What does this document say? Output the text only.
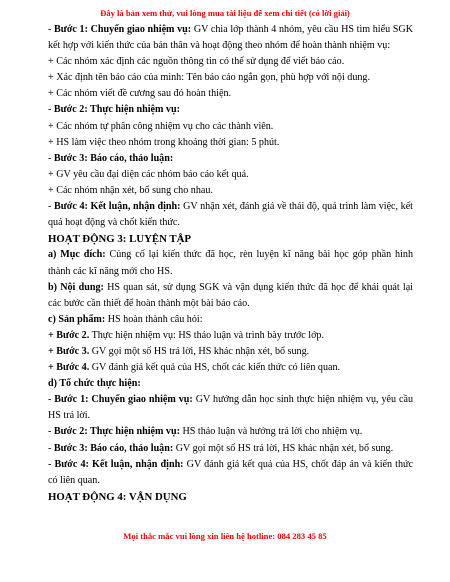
Đây là bản xem thử, vui lòng mua tài liệu để xem chi tiết (có lời giải)

- Bước 1: Chuyển giao nhiệm vụ: GV chia lớp thành 4 nhóm, yêu cầu HS tìm hiểu SGK kết hợp với kiến thức của bản thân và hoạt động theo nhóm để hoàn thành nhiệm vụ:

+ Các nhóm xác định các nguồn thông tin có thể sử dụng để viết báo cáo.

+ Xác định tên báo cáo của mình: Tên báo cáo ngắn gọn, phù hợp với nội dung.

+ Các nhóm viết đề cương sau đó hoàn thiện.

- Bước 2: Thực hiện nhiệm vụ:

+ Các nhóm tự phân công nhiệm vụ cho các thành viên.

+ HS làm việc theo nhóm trong khoảng thời gian: 5 phút.

- Bước 3: Báo cáo, thảo luận:

+ GV yêu cầu đại diện các nhóm báo cáo kết quả.

+ Các nhóm nhận xét, bổ sung cho nhau.

- Bước 4: Kết luận, nhận định: GV nhận xét, đánh giá về thái độ, quá trình làm việc, kết quả hoạt động và chốt kiến thức.

HOẠT ĐỘNG 3: LUYỆN TẬP

a) Mục đích: Củng cố lại kiến thức đã học, rèn luyện kĩ năng bài học góp phần hình thành các kĩ năng mới cho HS.

b) Nội dung: HS quan sát, sử dụng SGK và vận dụng kiến thức đã học để khái quát lại các bước cần thiết để hoàn thành một bài báo cáo.

c) Sản phẩm: HS hoàn thành câu hỏi:

+ Bước 2. Thực hiện nhiệm vụ: HS thảo luận và trình bày trước lớp.

+ Bước 3. GV gọi một số HS trả lời, HS khác nhận xét, bổ sung.

+ Bước 4. GV đánh giá kết quả của HS, chốt các kiến thức có liên quan.

d) Tổ chức thực hiện:

- Bước 1: Chuyển giao nhiệm vụ: GV hướng dẫn học sinh thực hiện nhiệm vụ, yêu cầu HS trả lời.

- Bước 2: Thực hiện nhiệm vụ: HS thảo luận và hướng trả lời cho nhiệm vụ.

- Bước 3: Báo cáo, thảo luận: GV gọi một số HS trả lời, HS khác nhận xét, bổ sung.

- Bước 4: Kết luận, nhận định: GV đánh giá kết quả của HS, chốt đáp án và kiến thức có liên quan.

HOẠT ĐỘNG 4: VẬN DỤNG

Mọi thắc mắc vui lòng xin liên hệ hotline: 084 283 45 85
